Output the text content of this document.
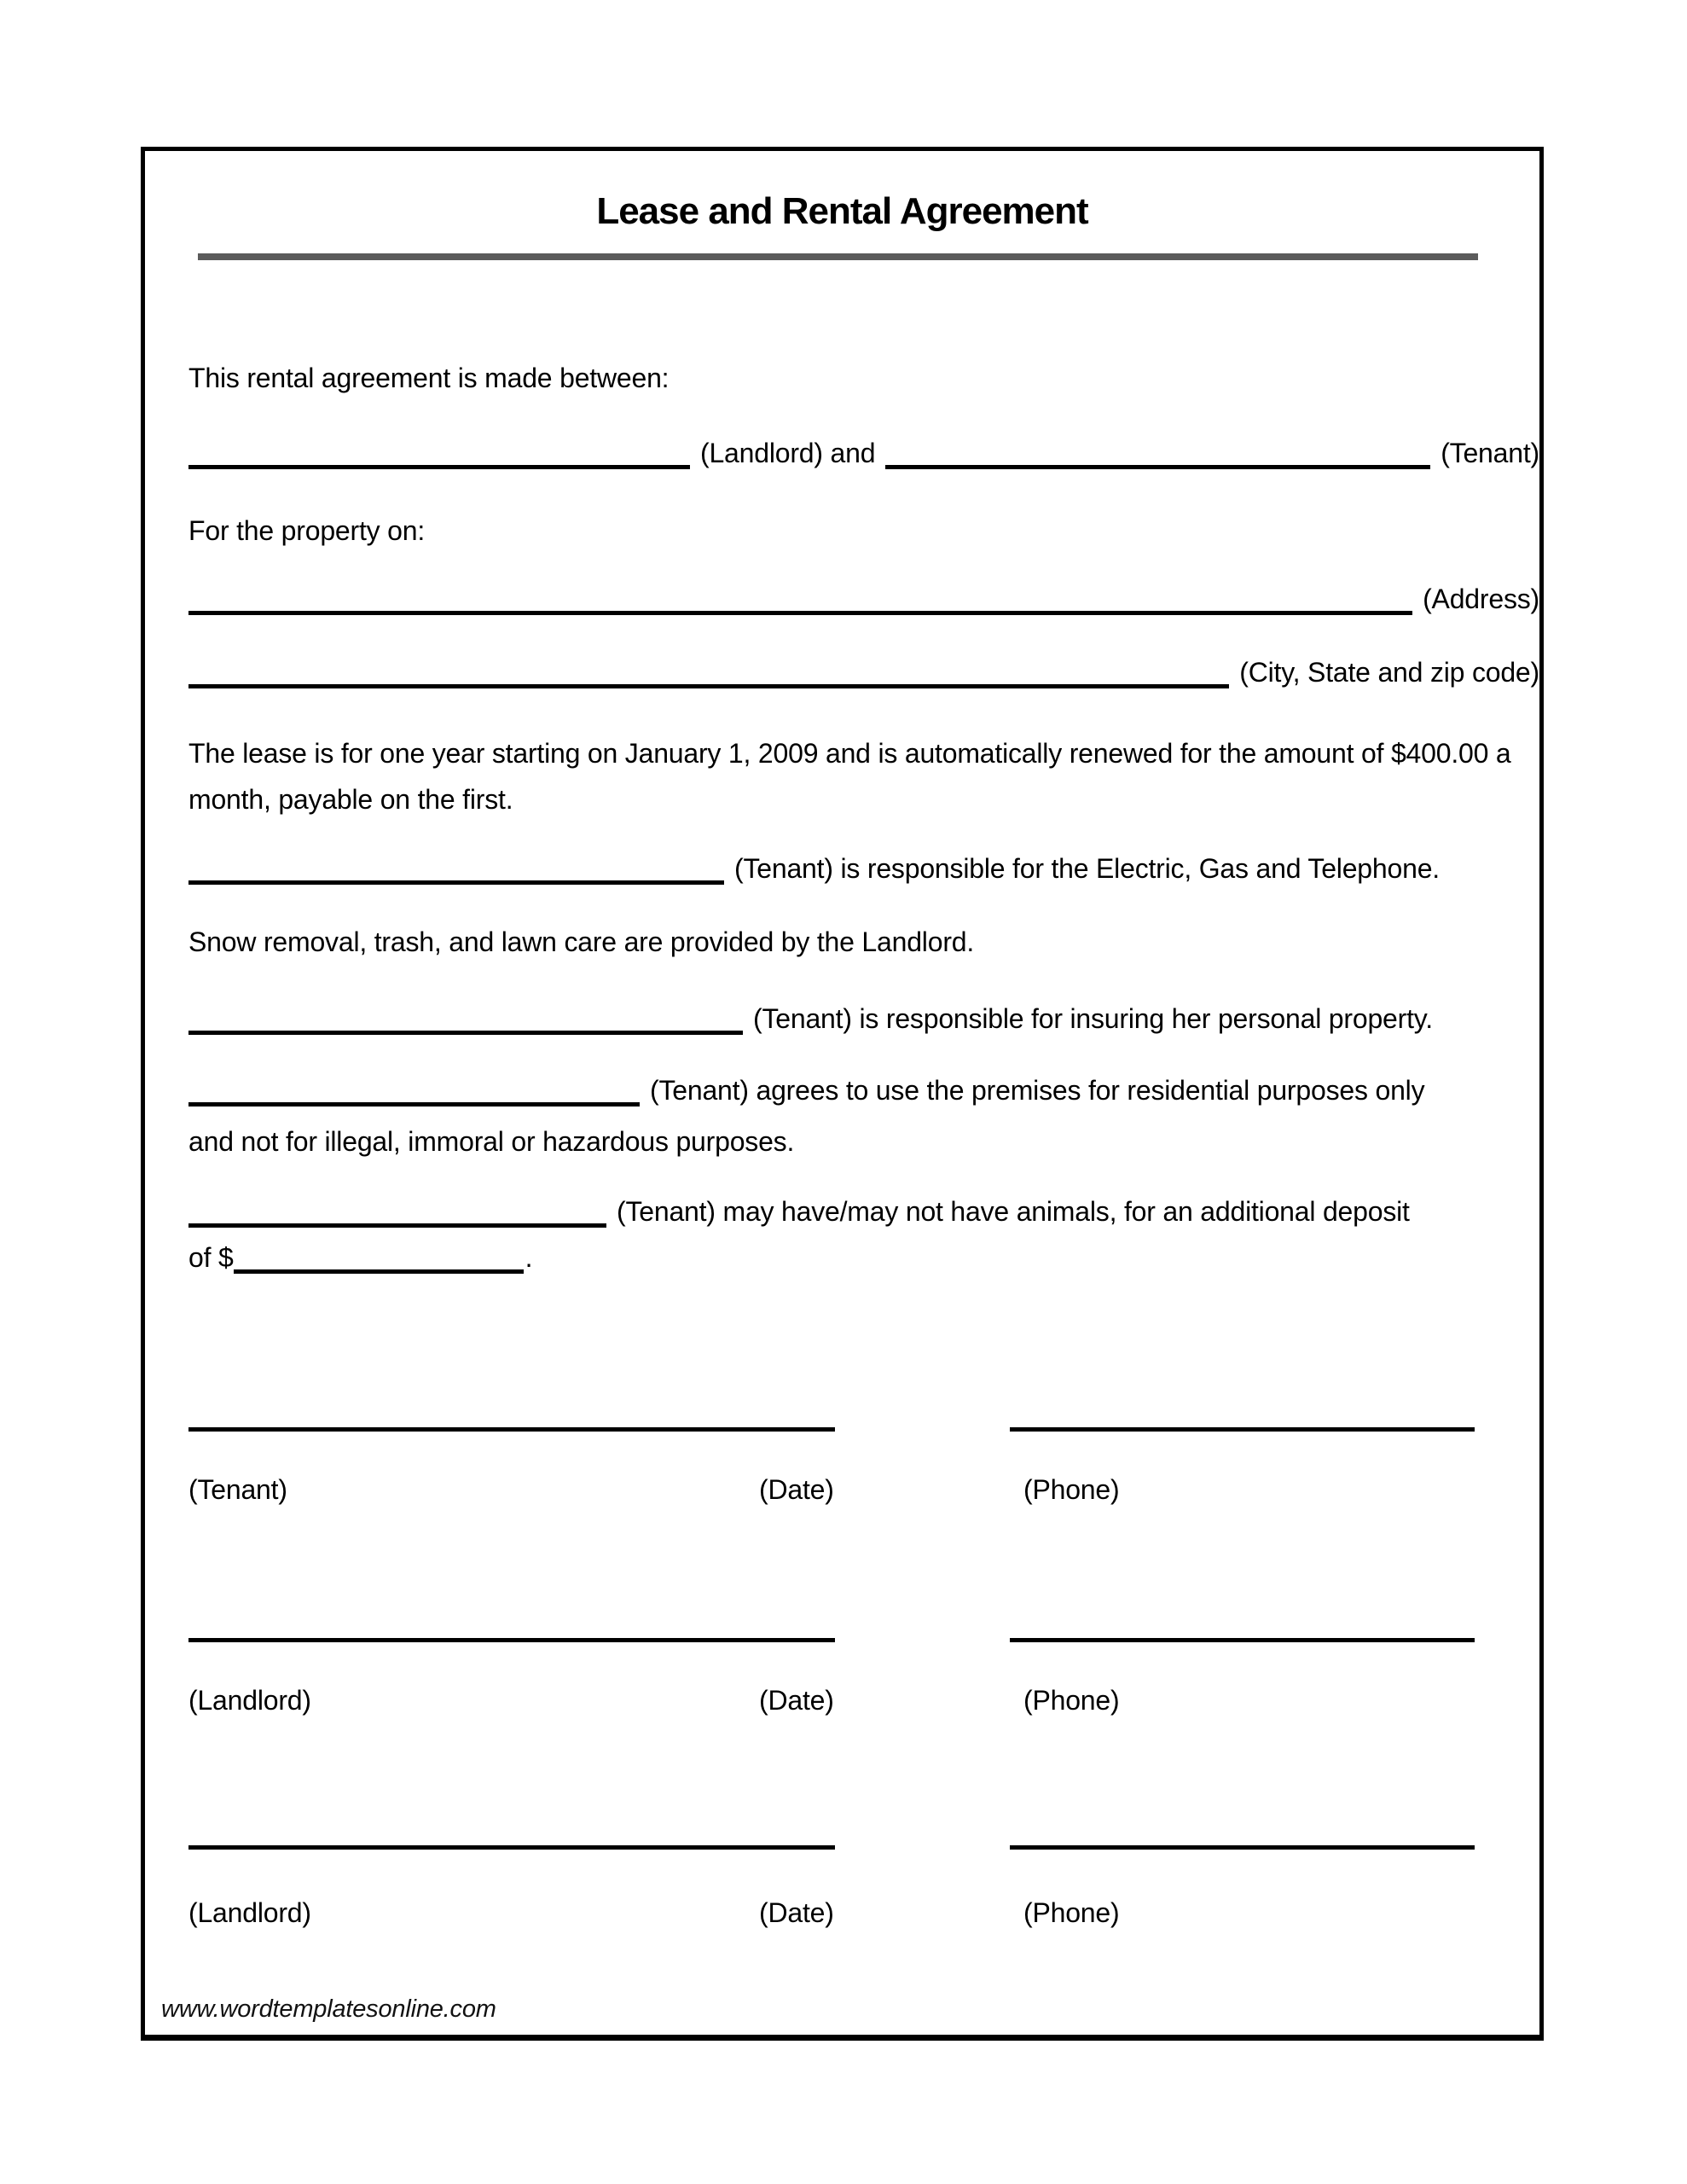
Lease and Rental Agreement

This rental agreement is made between:

(Landlord) and	(Tenant)

For the property on:

(Address)
(City, State and zip code)

The lease is for one year starting on January 1, 2009 and is automatically renewed for the amount of $400.00 a month, payable on the first.

(Tenant) is responsible for the Electric, Gas and Telephone.

Snow removal, trash, and lawn care are provided by the Landlord.

(Tenant) is responsible for insuring her personal property.
(Tenant) agrees to use the premises for residential purposes only

and not for illegal, immoral or hazardous purposes.

(Tenant) may have/may not have animals, for an additional deposit
of $	.
(Tenant)	(Date)	(Phone)
(Landlord)	(Date)	(Phone)
(Landlord)	(Date)	(Phone)
www.wordtemplatesonline.com
